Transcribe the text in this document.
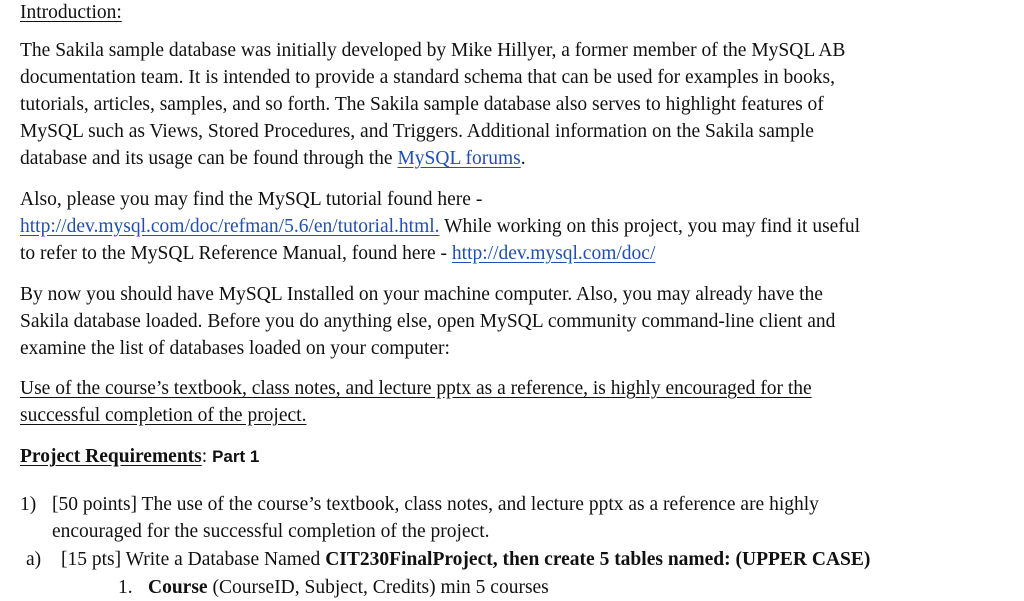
Introduction:
The Sakila sample database was initially developed by Mike Hillyer, a former member of the MySQL AB
documentation team. It is intended to provide a standard schema that can be used for examples in books,
tutorials, articles, samples, and so forth. The Sakila sample database also serves to highlight features of
MySQL such as Views, Stored Procedures, and Triggers. Additional information on the Sakila sample
database and its usage can be found through the MySQL forums.
Also, please you may find the MySQL tutorial found here -
http://dev.mysql.com/doc/refman/5.6/en/tutorial.html. While working on this project, you may find it useful
to refer to the MySQL Reference Manual, found here - http://dev.mysql.com/doc/
By now you should have MySQL Installed on your machine computer. Also, you may already have the
Sakila database loaded. Before you do anything else, open MySQL community command-line client and
examine the list of databases loaded on your computer:
Use of the course’s textbook, class notes, and lecture pptx as a reference, is highly encouraged for the
successful completion of the project.
Project Requirements: Part 1
1) [50 points] The use of the course’s textbook, class notes, and lecture pptx as a reference are highly
encouraged for the successful completion of the project.
a) [15 pts] Write a Database Named CIT230FinalProject, then create 5 tables named: (UPPER CASE)
1. Course (CourseID, Subject, Credits) min 5 courses
